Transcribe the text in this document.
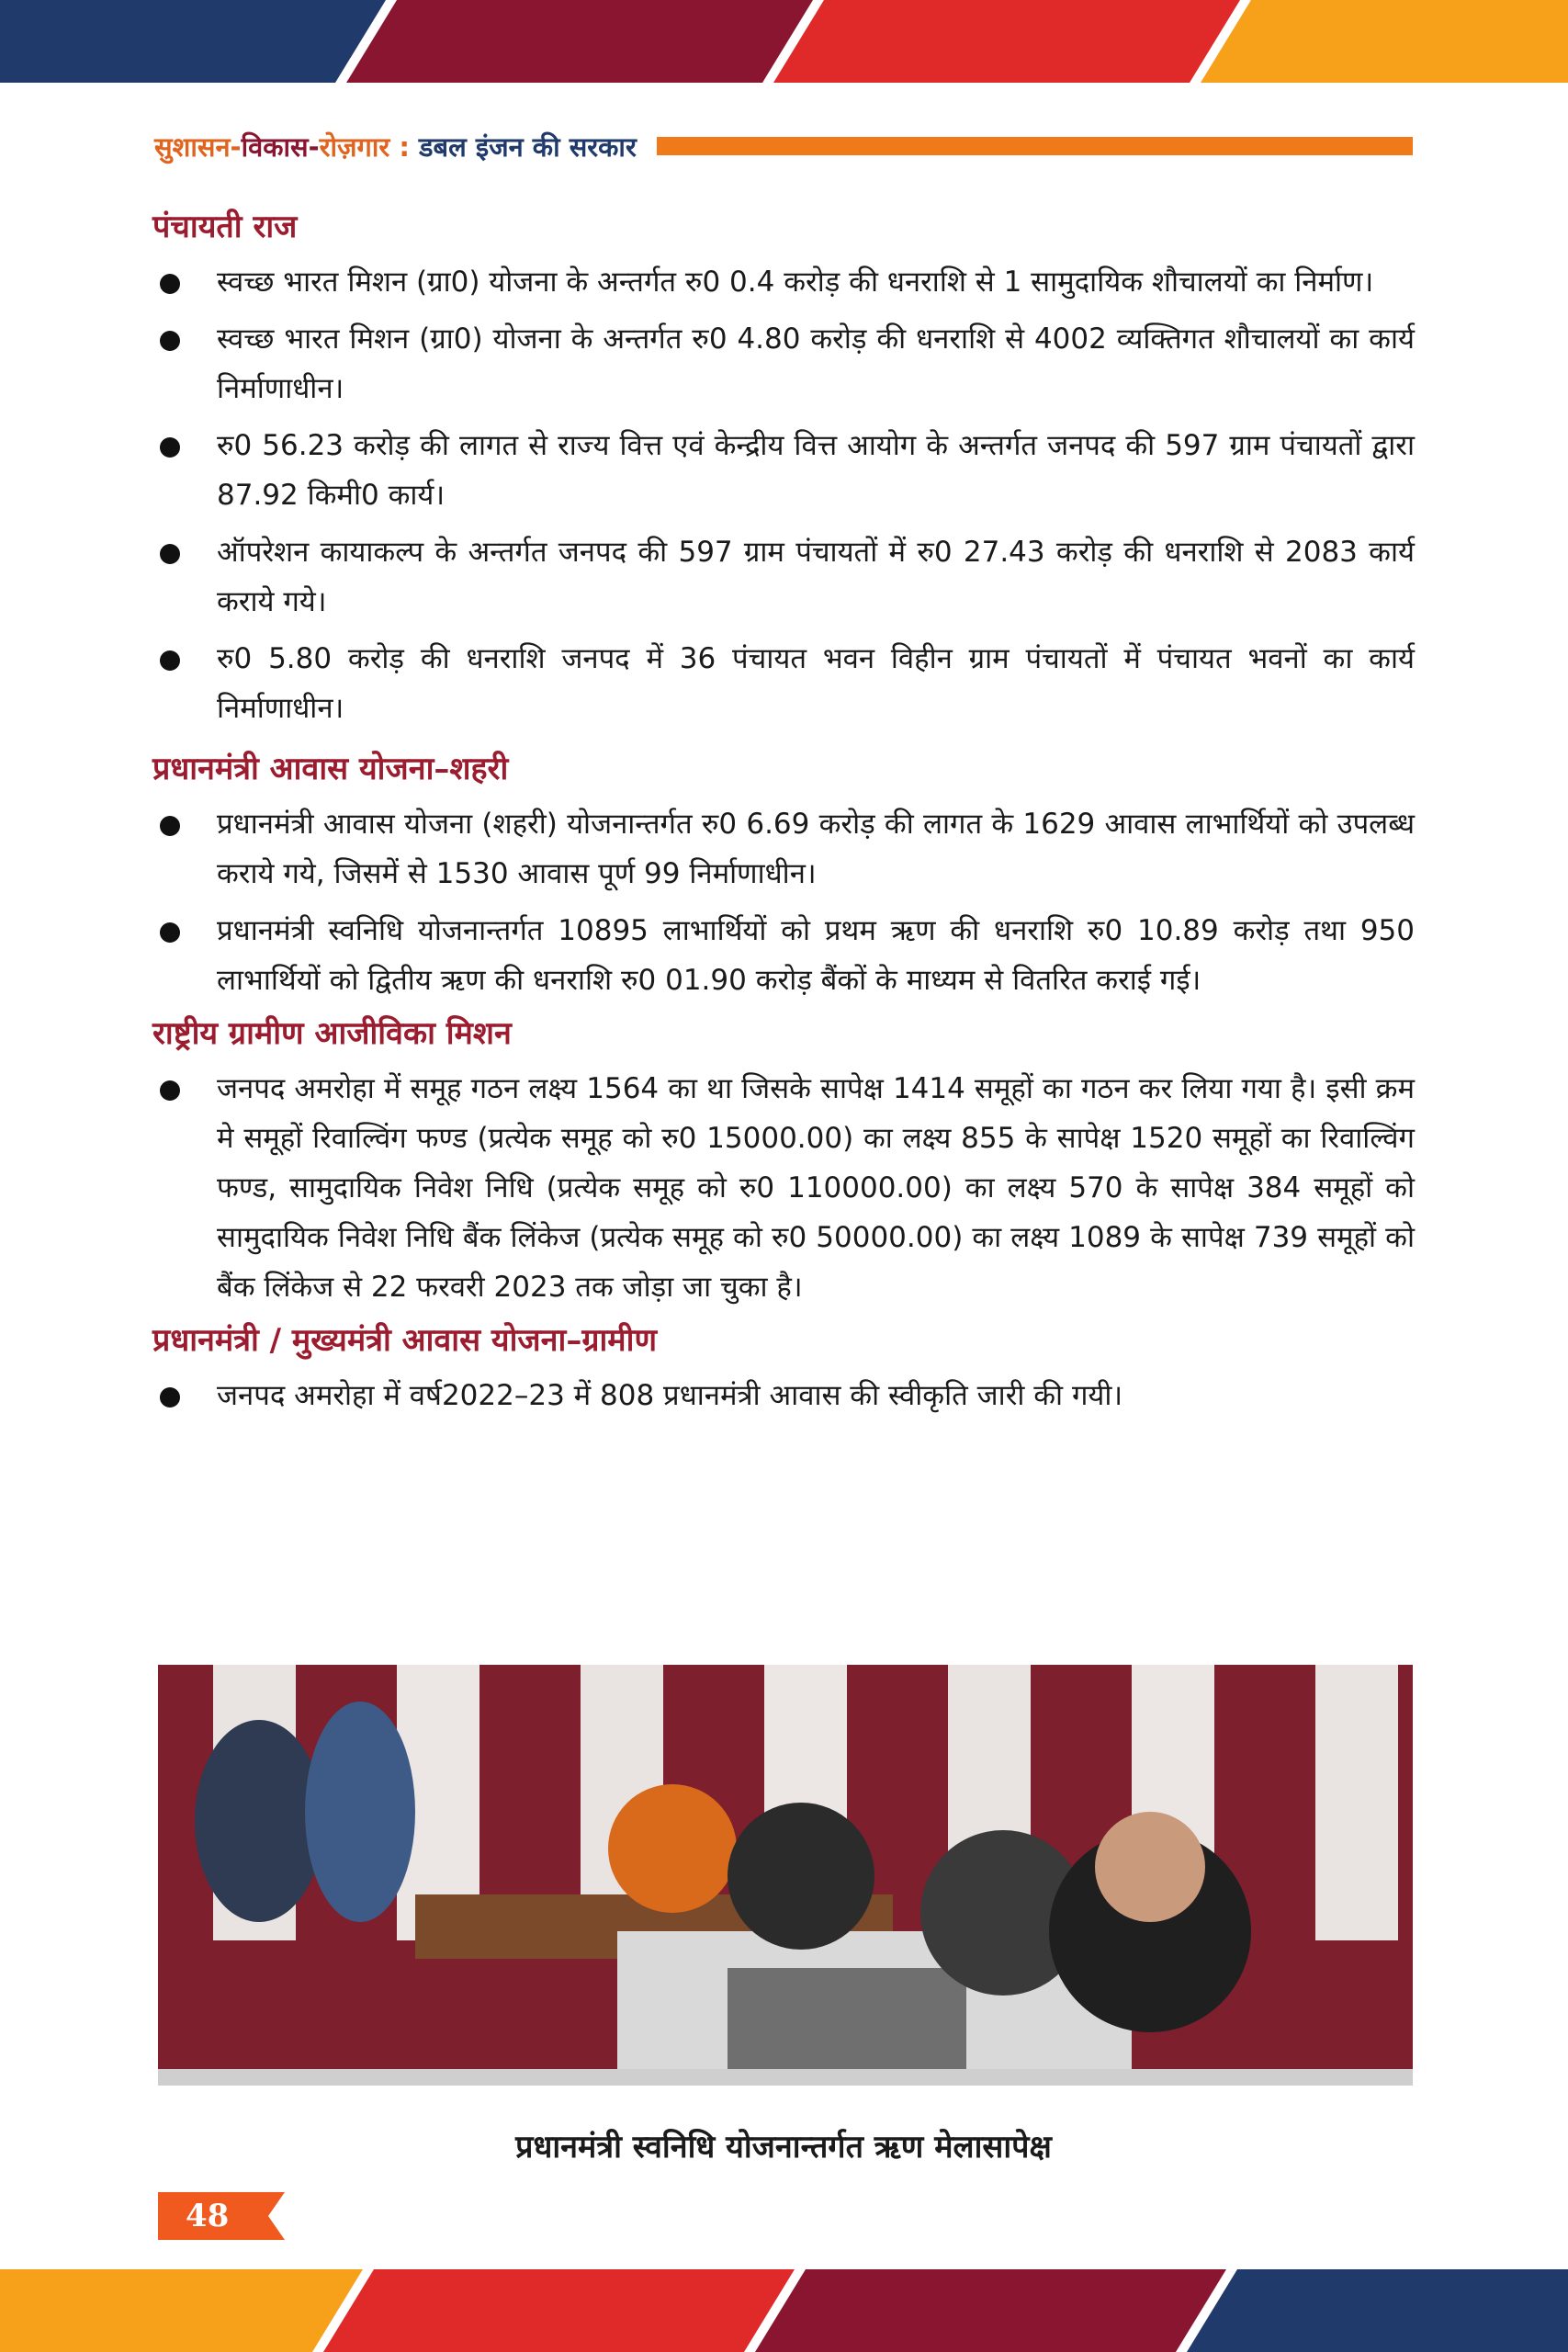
सुशासन-विकास-रोज़गार : डबल इंजन की सरकार
पंचायती राज
स्वच्छ भारत मिशन (ग्रा0) योजना के अन्तर्गत रु0 0.4 करोड़ की धनराशि से 1 सामुदायिक शौचालयों का निर्माण।
स्वच्छ भारत मिशन (ग्रा0) योजना के अन्तर्गत रु0 4.80 करोड़ की धनराशि से 4002 व्यक्तिगत शौचालयों का कार्य निर्माणाधीन।
रु0 56.23 करोड़ की लागत से राज्य वित्त एवं केन्द्रीय वित्त आयोग के अन्तर्गत जनपद की 597 ग्राम पंचायतों द्वारा 87.92 किमी0 कार्य।
ऑपरेशन कायाकल्प के अन्तर्गत जनपद की 597 ग्राम पंचायतों में रु0 27.43 करोड़ की धनराशि से 2083 कार्य कराये गये।
रु0 5.80 करोड़ की धनराशि जनपद में 36 पंचायत भवन विहीन ग्राम पंचायतों में पंचायत भवनों का कार्य निर्माणाधीन।
प्रधानमंत्री आवास योजना–शहरी
प्रधानमंत्री आवास योजना (शहरी) योजनान्तर्गत रु0 6.69 करोड़ की लागत के 1629 आवास लाभार्थियों को उपलब्ध कराये गये, जिसमें से 1530 आवास पूर्ण 99 निर्माणाधीन।
प्रधानमंत्री स्वनिधि योजनान्तर्गत 10895 लाभार्थियों को प्रथम ऋण की धनराशि रु0 10.89 करोड़ तथा 950 लाभार्थियों को द्वितीय ऋण की धनराशि रु0 01.90 करोड़ बैंकों के माध्यम से वितरित कराई गई।
राष्ट्रीय ग्रामीण आजीविका मिशन
जनपद अमरोहा में समूह गठन लक्ष्य 1564 का था जिसके सापेक्ष 1414 समूहों का गठन कर लिया गया है। इसी क्रम मे समूहों रिवाल्विंग फण्ड (प्रत्येक समूह को रु0 15000.00) का लक्ष्य 855 के सापेक्ष 1520 समूहों का रिवाल्विंग फण्ड, सामुदायिक निवेश निधि (प्रत्येक समूह को रु0 110000.00) का लक्ष्य 570 के सापेक्ष 384 समूहों को सामुदायिक निवेश निधि बैंक लिंकेज (प्रत्येक समूह को रु0 50000.00) का लक्ष्य 1089 के सापेक्ष 739 समूहों को बैंक लिंकेज से 22 फरवरी 2023 तक जोड़ा जा चुका है।
प्रधानमंत्री / मुख्यमंत्री आवास योजना–ग्रामीण
जनपद अमरोहा में वर्ष2022–23 में 808 प्रधानमंत्री आवास की स्वीकृति जारी की गयी।
प्रधानमंत्री स्वनिधि योजनान्तर्गत ऋण मेलासापेक्ष
48
